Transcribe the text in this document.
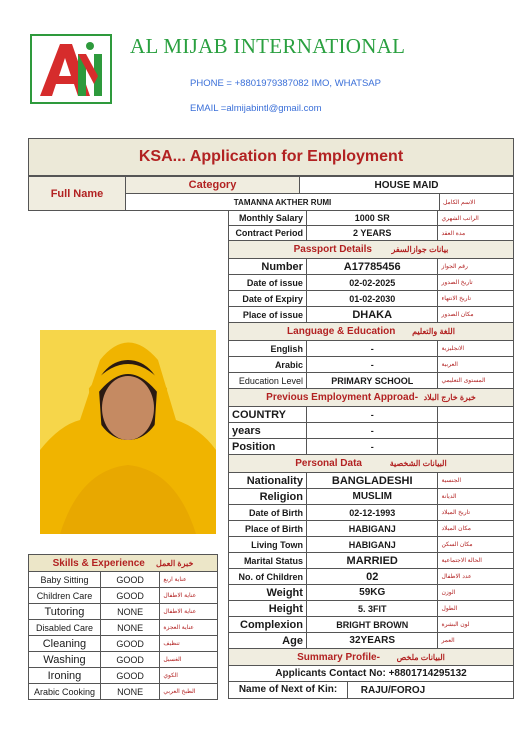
AL MIJAB INTERNATIONAL
PHONE = +8801979387082 IMO, WHATSAP
EMAIL =almijabintl@gmail.com
KSA... Application for Employment
Full Name	Category	HOUSE MAID	
	TAMANNA AKTHER RUMI		الاسم الكامل
Monthly Salary	1000 SR	الراتب الشهري
Contract Period	2 YEARS	مدة العقد
Passport Details بيانات جوازالسفر		
Number	A17785456	رقم الجواز
Date of issue	02-02-2025	تاريخ الصدور
Date of Expiry	01-02-2030	تاريخ الانتهاء
Place of issue	DHAKA	مكان الصدور
Language & Education اللغة والتعليم		
English	-	الانجليزية
Arabic	-	العربية
Education Level	PRIMARY SCHOOL	المستوى التعليمي
Previous Employment Approad- خبرة خارج البلاد		
COUNTRY	-	
years	-	
Position	-	
Personal Data البيانات الشخصية		
Nationality	BANGLADESHI	الجنسية
Religion	MUSLIM	الديانة
Date of Birth	02-12-1993	تاريخ الميلاد
Place of Birth	HABIGANJ	مكان الميلاد
Living Town	HABIGANJ	مكان السكن
Marital Status	MARRIED	الحالة الاجتماعية
No. of Children	02	عدد الاطفال
Weight	59KG	الوزن
Height	5. 3FIT	الطول
Complexion	BRIGHT BROWN	لون البشرة
Age	32YEARS	العمر
Summary Profile- البيانات ملخص		
Applicants Contact No: +8801714295132		

Name of Next of Kin: RAJU/FOROJ		

Skills & Experience خبرة العمل		
Baby Sitting	GOOD	عناية اربع
Children Care	GOOD	عناية الاطفال
Tutoring	NONE	عناية الاطفال
Disabled Care	NONE	عناية العجزة
Cleaning	GOOD	تنظيف
Washing	GOOD	الغسيل
Ironing	GOOD	الكوي
Arabic Cooking	NONE	الطبخ العربي
